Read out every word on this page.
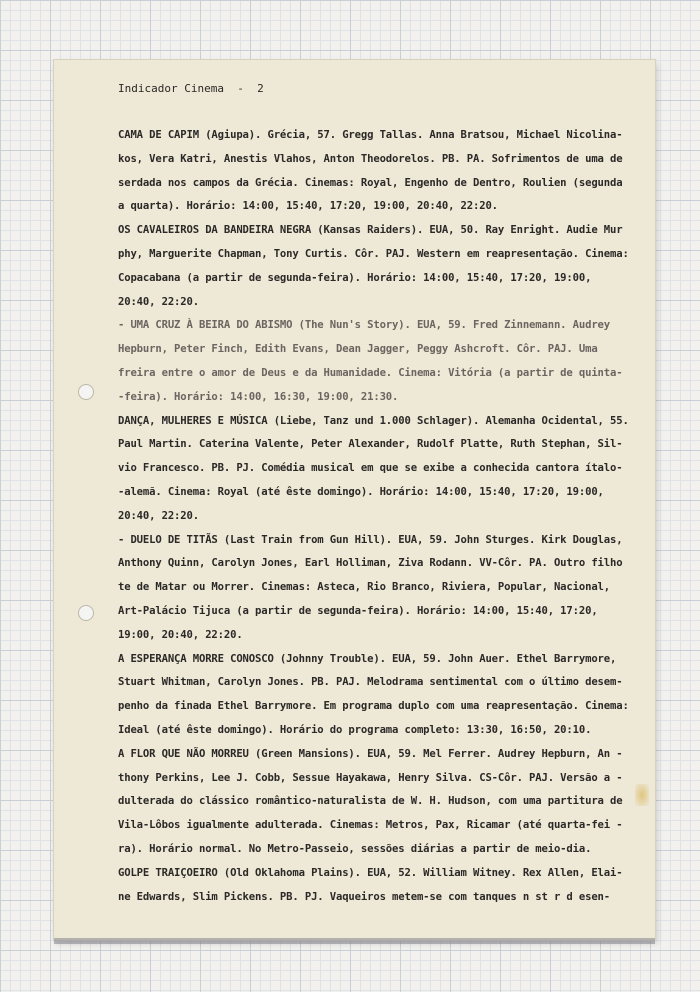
Indicador Cinema  -  2
CAMA DE CAPIM (Agiupa). Grécia, 57. Gregg Tallas. Anna Bratsou, Michael Nicolina-
kos, Vera Katri, Anestis Vlahos, Anton Theodorelos. PB. PA. Sofrimentos de uma de
serdada nos campos da Grécia. Cinemas: Royal, Engenho de Dentro, Roulien (segunda
a quarta). Horário: 14:00, 15:40, 17:20, 19:00, 20:40, 22:20.
OS CAVALEIROS DA BANDEIRA NEGRA (Kansas Raiders). EUA, 50. Ray Enright. Audie Mur
phy, Marguerite Chapman, Tony Curtis. Côr. PAJ. Western em reapresentação. Cinema:
Copacabana (a partir de segunda-feira). Horário: 14:00, 15:40, 17:20, 19:00,
20:40, 22:20.
- UMA CRUZ À BEIRA DO ABISMO (The Nun's Story). EUA, 59. Fred Zinnemann. Audrey
Hepburn, Peter Finch, Edith Evans, Dean Jagger, Peggy Ashcroft. Côr. PAJ. Uma
freira entre o amor de Deus e da Humanidade. Cinema: Vitória (a partir de quinta-
-feira). Horário: 14:00, 16:30, 19:00, 21:30.
DANÇA, MULHERES E MÚSICA (Liebe, Tanz und 1.000 Schlager). Alemanha Ocidental, 55.
Paul Martin. Caterina Valente, Peter Alexander, Rudolf Platte, Ruth Stephan, Sil-
vio Francesco. PB. PJ. Comédia musical em que se exibe a conhecida cantora ítalo-
-alemã. Cinema: Royal (até êste domingo). Horário: 14:00, 15:40, 17:20, 19:00,
20:40, 22:20.
- DUELO DE TITÃS (Last Train from Gun Hill). EUA, 59. John Sturges. Kirk Douglas,
Anthony Quinn, Carolyn Jones, Earl Holliman, Ziva Rodann. VV-Côr. PA. Outro filho
te de Matar ou Morrer. Cinemas: Asteca, Rio Branco, Riviera, Popular, Nacional,
Art-Palácio Tijuca (a partir de segunda-feira). Horário: 14:00, 15:40, 17:20,
19:00, 20:40, 22:20.
A ESPERANÇA MORRE CONOSCO (Johnny Trouble). EUA, 59. John Auer. Ethel Barrymore,
Stuart Whitman, Carolyn Jones. PB. PAJ. Melodrama sentimental com o último desem-
penho da finada Ethel Barrymore. Em programa duplo com uma reapresentação. Cinema:
Ideal (até êste domingo). Horário do programa completo: 13:30, 16:50, 20:10.
A FLOR QUE NÃO MORREU (Green Mansions). EUA, 59. Mel Ferrer. Audrey Hepburn, An -
thony Perkins, Lee J. Cobb, Sessue Hayakawa, Henry Silva. CS-Côr. PAJ. Versão a -
dulterada do clássico romântico-naturalista de W. H. Hudson, com uma partitura de
Vila-Lôbos igualmente adulterada. Cinemas: Metros, Pax, Ricamar (até quarta-fei -
ra). Horário normal. No Metro-Passeio, sessões diárias a partir de meio-dia.
GOLPE TRAIÇOEIRO (Old Oklahoma Plains). EUA, 52. William Witney. Rex Allen, Elai-
ne Edwards, Slim Pickens. PB. PJ. Vaqueiros metem-se com tanques n st r d esen-
